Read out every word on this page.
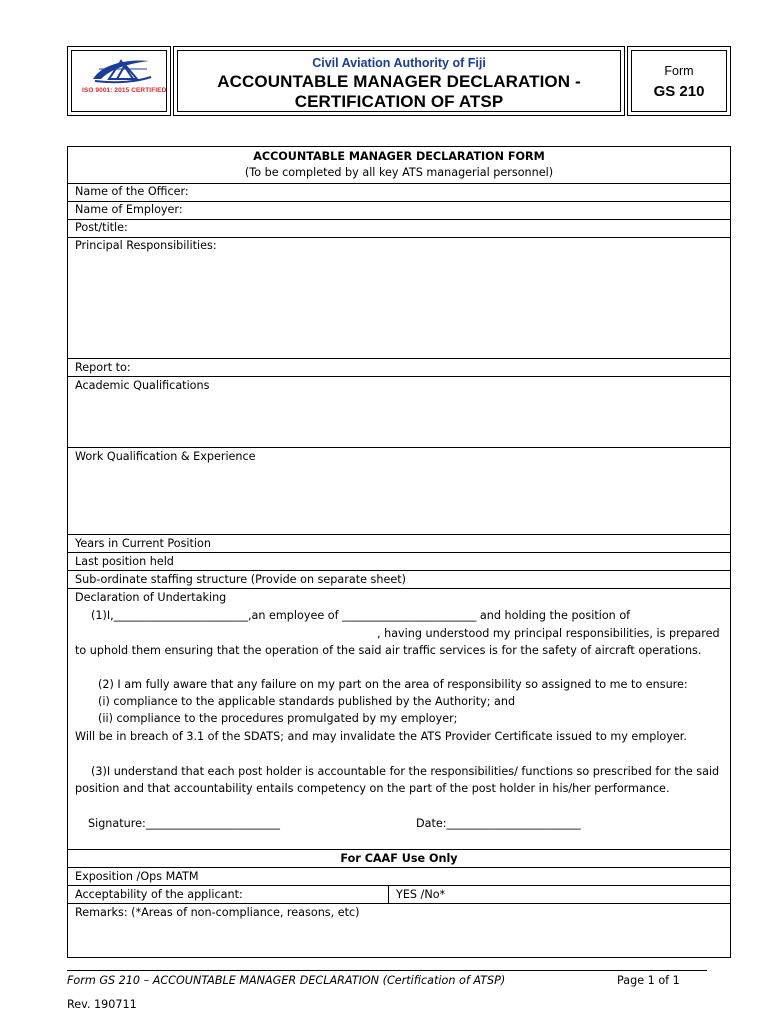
ISO 9001: 2015 CERTIFIED
Civil Aviation Authority of Fiji
ACCOUNTABLE MANAGER DECLARATION -
CERTIFICATION OF ATSP
Form
GS 210
ACCOUNTABLE MANAGER DECLARATION FORM
(To be completed by all key ATS managerial personnel)
Name of the Officer:
Name of Employer:
Post/title:
Principal Responsibilities:
Report to:
Academic Qualifications
Work Qualification & Experience
Years in Current Position
Last position held
Sub-ordinate staffing structure (Provide on separate sheet)
Declaration of Undertaking
(1)I,________________________,an employee of ________________________ and holding the position of
, having understood my principal responsibilities, is prepared
to uphold them ensuring that the operation of the said air traffic services is for the safety of aircraft operations.
(2) I am fully aware that any failure on my part on the area of responsibility so assigned to me to ensure:
(i) compliance to the applicable standards published by the Authority; and
(ii) compliance to the procedures promulgated by my employer;
Will be in breach of 3.1 of the SDATS; and may invalidate the ATS Provider Certificate issued to my employer.
(3)I understand that each post holder is accountable for the responsibilities/ functions so prescribed for the said
position and that accountability entails competency on the part of the post holder in his/her performance.
Signature:________________________	Date:________________________
For CAAF Use Only
Exposition /Ops MATM
Acceptability of the applicant:	YES /No*
Remarks: (*Areas of non-compliance, reasons, etc)
Form GS 210 – ACCOUNTABLE MANAGER DECLARATION (Certification of ATSP)	Page 1 of 1
Rev. 190711
